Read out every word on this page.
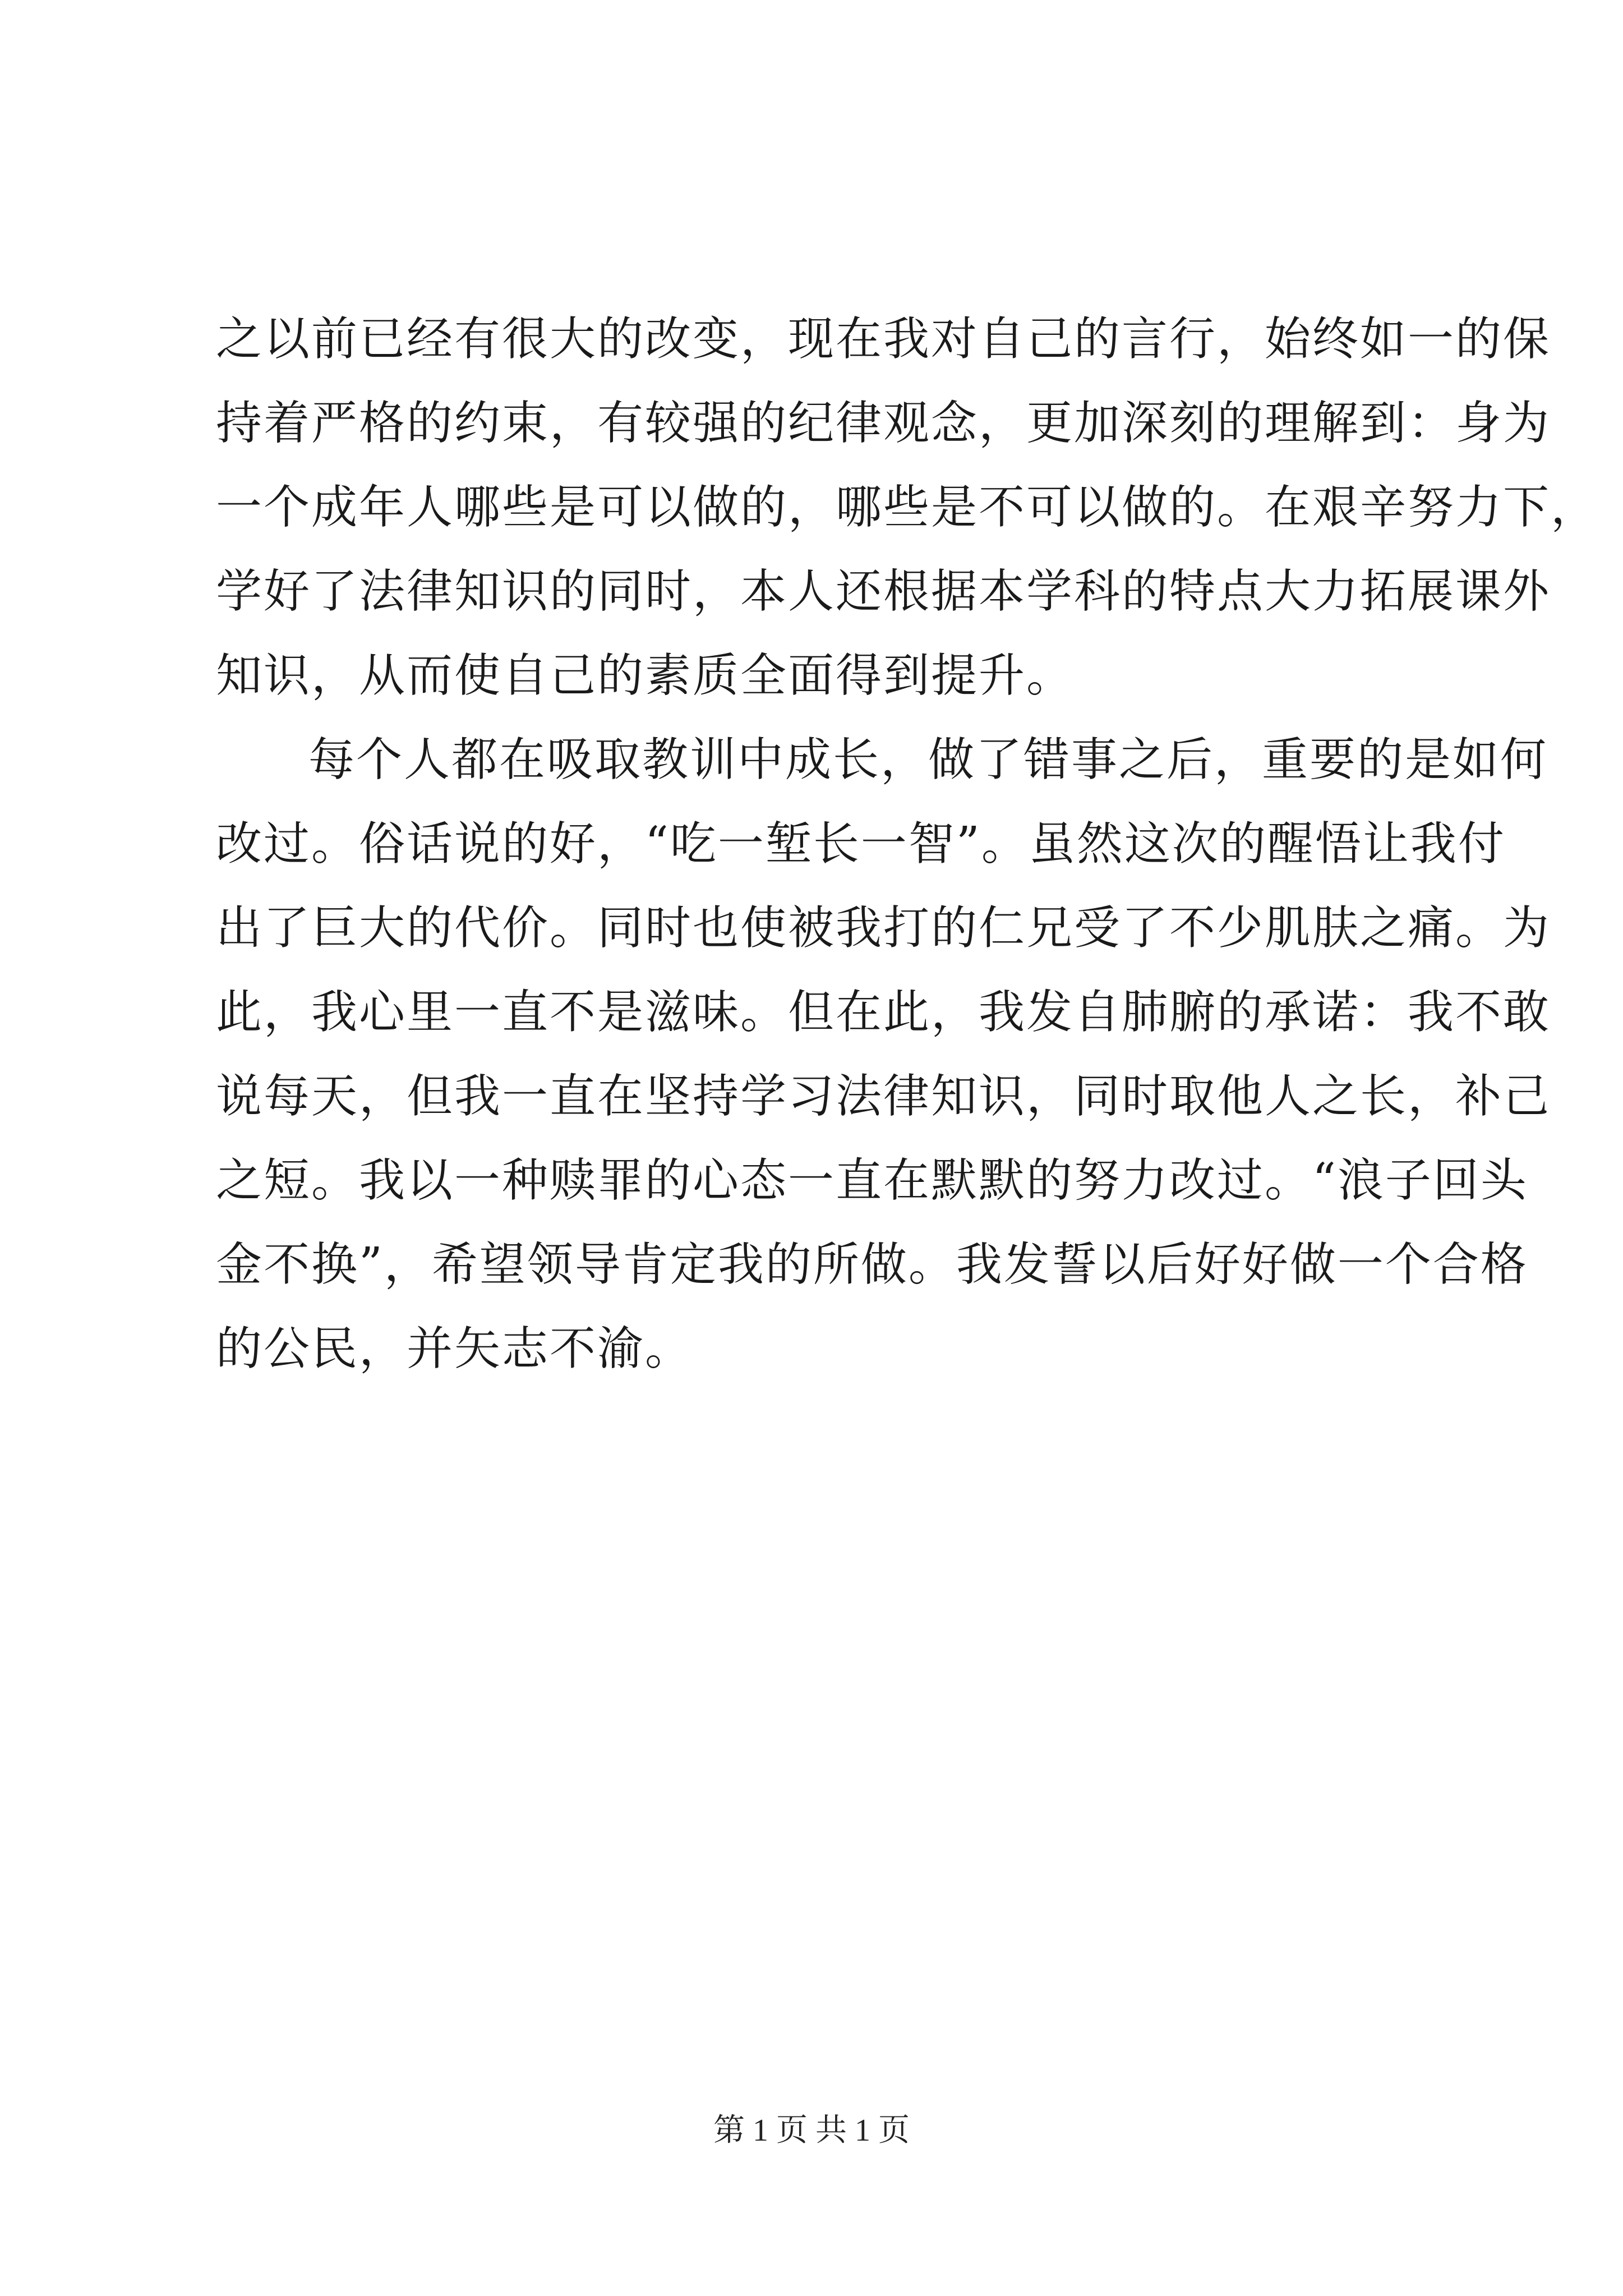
之以前已经有很大的改变，现在我对自己的言行，始终如一的保
持着严格的约束，有较强的纪律观念，更加深刻的理解到：身为
一个成年人哪些是可以做的，哪些是不可以做的。在艰辛努力下，
学好了法律知识的同时，本人还根据本学科的特点大力拓展课外
知识，从而使自己的素质全面得到提升。
每个人都在吸取教训中成长，做了错事之后，重要的是如何
改过。俗话说的好，“吃一堑长一智”。虽然这次的醒悟让我付
出了巨大的代价。同时也使被我打的仁兄受了不少肌肤之痛。为
此，我心里一直不是滋味。但在此，我发自肺腑的承诺：我不敢
说每天，但我一直在坚持学习法律知识，同时取他人之长，补己
之短。我以一种赎罪的心态一直在默默的努力改过。“浪子回头
金不换”，希望领导肯定我的所做。我发誓以后好好做一个合格
的公民，并矢志不渝。
第 1 页 共 1 页
